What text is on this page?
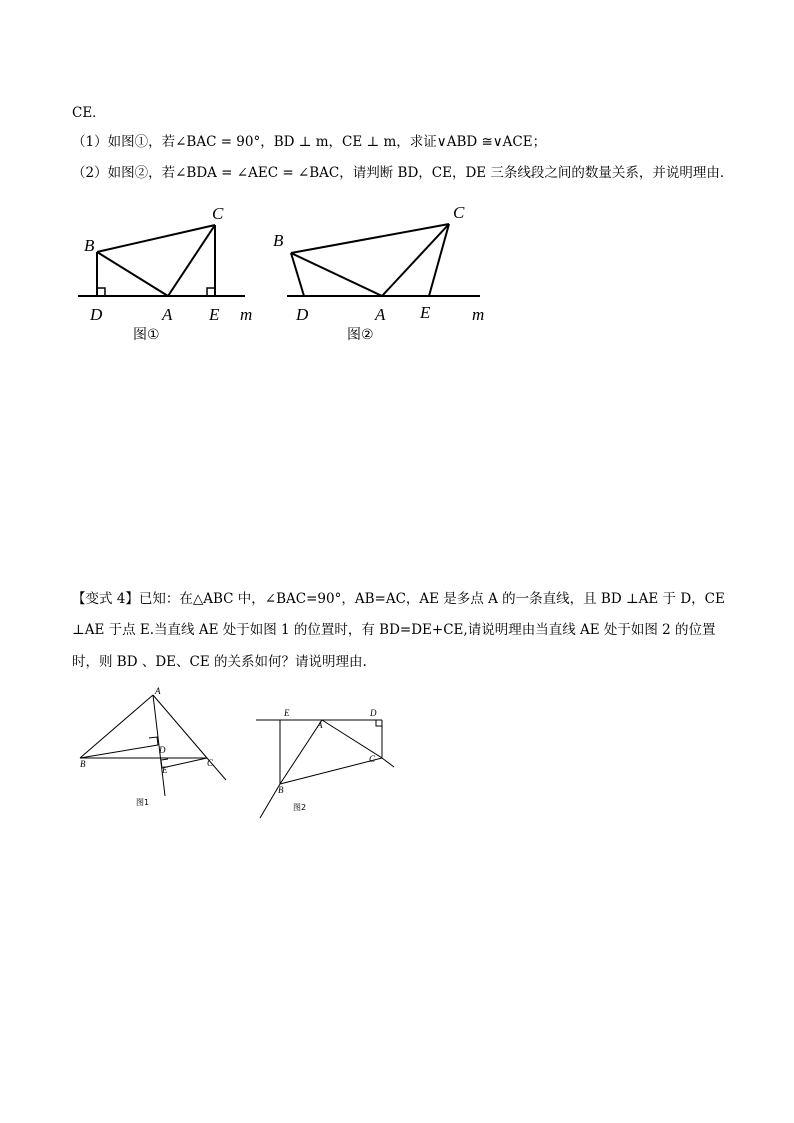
CE．
（1）如图①，若∠BAC = 90°，BD ⊥ m，CE ⊥ m，求证∨ABD ≅∨ACE；
（2）如图②，若∠BDA = ∠AEC = ∠BAC，请判断 BD，CE，DE 三条线段之间的数量关系，并说明理由．
B
C
D	A E m
图①
B
C
D	A E m
图②
【变式 4】已知：在△ABC 中，∠BAC=90°，AB=AC，AE 是多点 A 的一条直线，且 BD ⊥AE 于 D，CE
⊥AE 于点 E.当直线 AE 处于如图 1 的位置时，有 BD=DE+CE,请说明理由当直线 AE 处于如图 2 的位置
时，则 BD 、DE、CE 的关系如何？请说明理由.
A
B	C
D
E
图1
E
A
D
B
C
图2
